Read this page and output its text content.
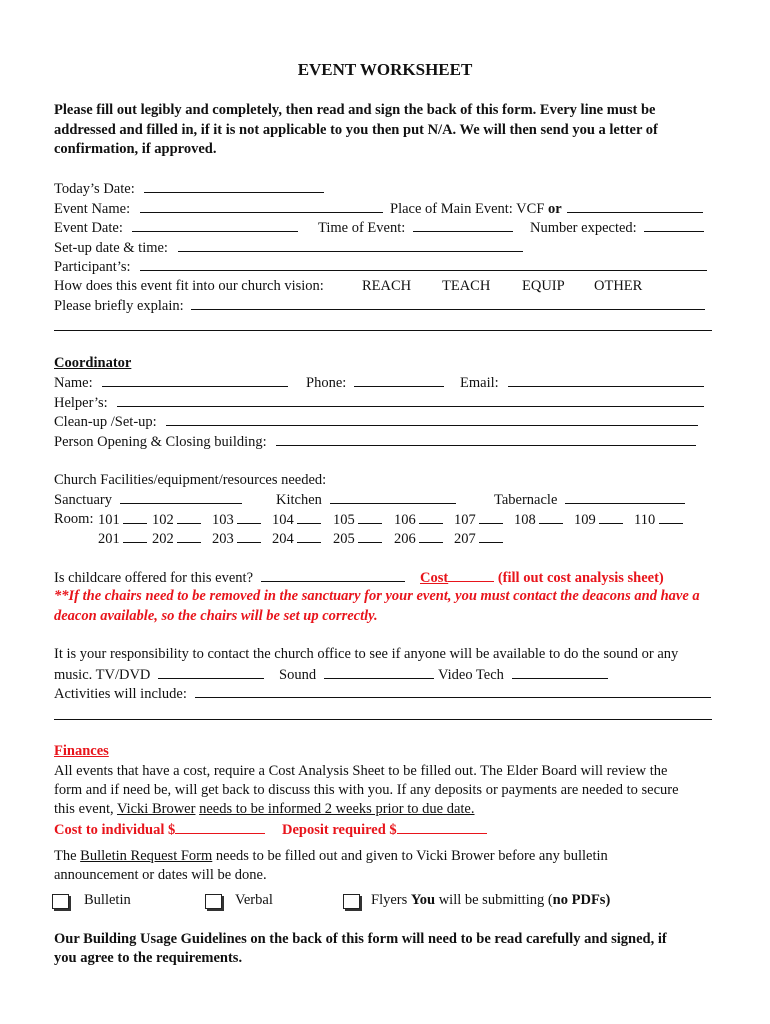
EVENT WORKSHEET
Please fill out legibly and completely, then read and sign the back of this form. Every line must be addressed and filled in, if it is not applicable to you then put N/A. We will then send you a letter of confirmation, if approved.
Today’s Date:
Event Name:	Place of Main Event: VCF or
Event Date:	Time of Event:	Number expected:
Set-up date & time:
Participant’s:
How does this event fit into our church vision:	REACH TEACH EQUIP OTHER
Please briefly explain:
Coordinator
Name:	Phone:	Email:
Helper’s:
Clean-up /Set-up:
Person Opening & Closing building:
Church Facilities/equipment/resources needed:
Sanctuary	Kitchen	Tabernacle
Room: 101	102	103	104	105	106	107	108	109	110
201	202	203	204	205	206	207
Is childcare offered for this event?	Cost	(fill out cost analysis sheet)
**If the chairs need to be removed in the sanctuary for your event, you must contact the deacons and have a deacon available, so the chairs will be set up correctly.
It is your responsibility to contact the church office to see if anyone will be available to do the sound or any
music. TV/DVD	Sound	Video Tech
Activities will include:
Finances
All events that have a cost, require a Cost Analysis Sheet to be filled out. The Elder Board will review the
form and if need be, will get back to discuss this with you. If any deposits or payments are needed to secure
this event, Vicki Brower needs to be informed 2 weeks prior to due date.
Cost to individual $	Deposit required $
The Bulletin Request Form needs to be filled out and given to Vicki Brower before any bulletin
announcement or dates will be done.
Bulletin	Verbal	Flyers You will be submitting (no PDFs)
Our Building Usage Guidelines on the back of this form will need to be read carefully and signed, if
you agree to the requirements.
